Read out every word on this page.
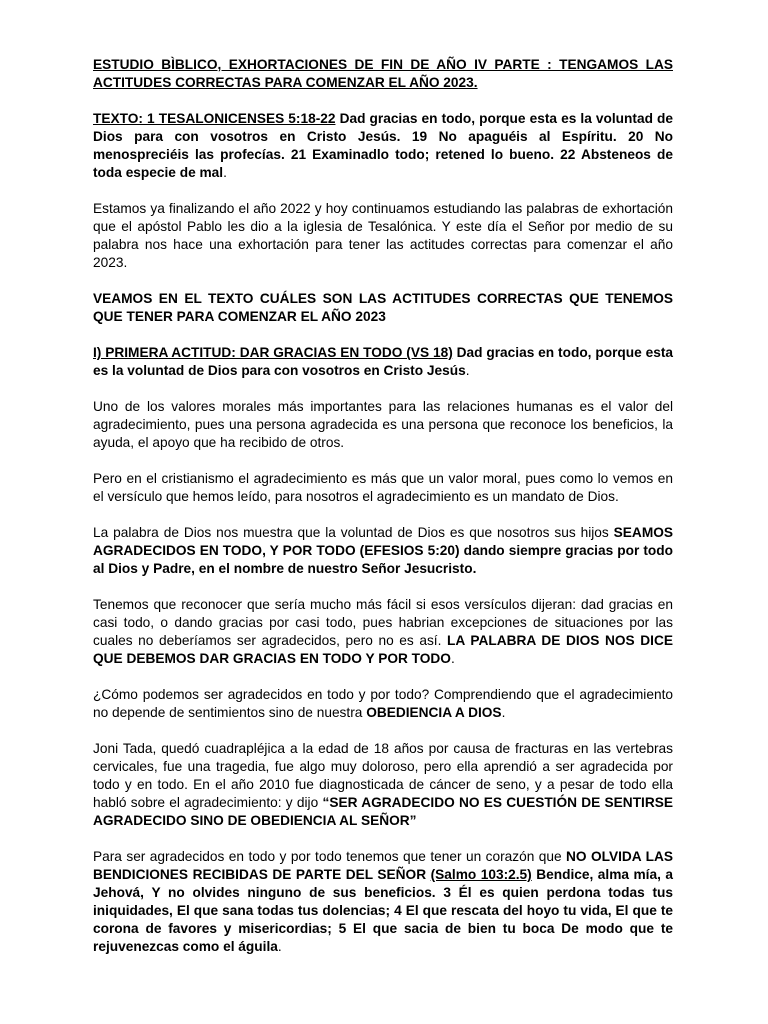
ESTUDIO BÌBLICO, EXHORTACIONES DE FIN DE AÑO IV PARTE : TENGAMOS LAS ACTITUDES CORRECTAS PARA COMENZAR EL AÑO 2023.

TEXTO: 1 TESALONICENSES 5:18-22 Dad gracias en todo, porque esta es la voluntad de Dios para con vosotros en Cristo Jesús. 19 No apaguéis al Espíritu. 20 No menospreciéis las profecías. 21 Examinadlo todo; retened lo bueno. 22 Absteneos de toda especie de mal.

Estamos ya finalizando el año 2022 y hoy continuamos estudiando las palabras de exhortación que el apóstol Pablo les dio a la iglesia de Tesalónica. Y este día el Señor por medio de su palabra nos hace una exhortación para tener las actitudes correctas para comenzar el año 2023.

VEAMOS EN EL TEXTO CUÁLES SON LAS ACTITUDES CORRECTAS QUE TENEMOS QUE TENER PARA COMENZAR EL AÑO 2023

I) PRIMERA ACTITUD: DAR GRACIAS EN TODO (VS 18) Dad gracias en todo, porque esta es la voluntad de Dios para con vosotros en Cristo Jesús.

Uno de los valores morales más importantes para las relaciones humanas es el valor del agradecimiento, pues una persona agradecida es una persona que reconoce los beneficios, la ayuda, el apoyo que ha recibido de otros.

Pero en el cristianismo el agradecimiento es más que un valor moral, pues como lo vemos en el versículo que hemos leído, para nosotros el agradecimiento es un mandato de Dios.

La palabra de Dios nos muestra que la voluntad de Dios es que nosotros sus hijos SEAMOS AGRADECIDOS EN TODO, Y POR TODO (EFESIOS 5:20) dando siempre gracias por todo al Dios y Padre, en el nombre de nuestro Señor Jesucristo.

Tenemos que reconocer que sería mucho más fácil si esos versículos dijeran: dad gracias en casi todo, o dando gracias por casi todo, pues habrian excepciones de situaciones por las cuales no deberíamos ser agradecidos, pero no es así. LA PALABRA DE DIOS NOS DICE QUE DEBEMOS DAR GRACIAS EN TODO Y POR TODO.

¿Cómo podemos ser agradecidos en todo y por todo? Comprendiendo que el agradecimiento no depende de sentimientos sino de nuestra OBEDIENCIA A DIOS.

Joni Tada, quedó cuadrapléjica a la edad de 18 años por causa de fracturas en las vertebras cervicales, fue una tragedia, fue algo muy doloroso, pero ella aprendió a ser agradecida por todo y en todo. En el año 2010 fue diagnosticada de cáncer de seno, y a pesar de todo ella habló sobre el agradecimiento: y dijo “SER AGRADECIDO NO ES CUESTIÓN DE SENTIRSE AGRADECIDO SINO DE OBEDIENCIA AL SEÑOR”

Para ser agradecidos en todo y por todo tenemos que tener un corazón que NO OLVIDA LAS BENDICIONES RECIBIDAS DE PARTE DEL SEÑOR (Salmo 103:2.5) Bendice, alma mía, a Jehová, Y no olvides ninguno de sus beneficios. 3 Él es quien perdona todas tus iniquidades, El que sana todas tus dolencias; 4 El que rescata del hoyo tu vida, El que te corona de favores y misericordias; 5 El que sacia de bien tu boca De modo que te rejuvenezcas como el águila.
